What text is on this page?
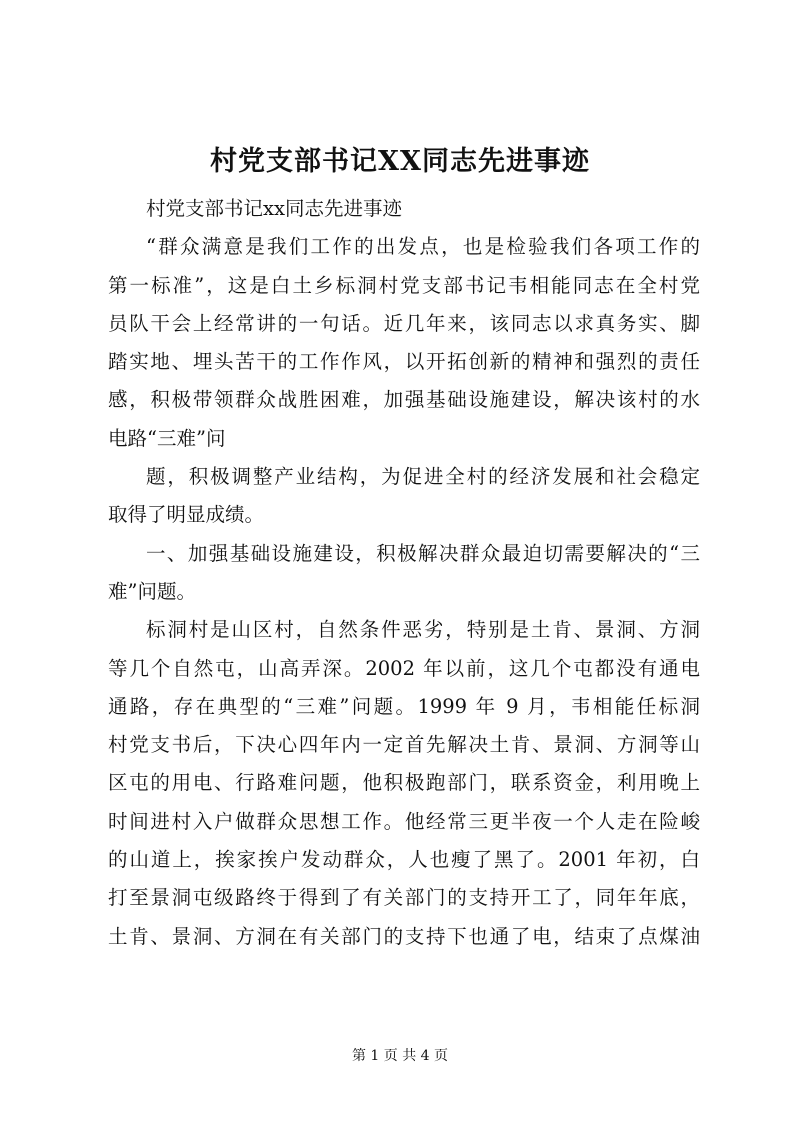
村党支部书记XX同志先进事迹
村党支部书记xx同志先进事迹
“群众满意是我们工作的出发点，也是检验我们各项工作的
第一标准”，这是白土乡标洞村党支部书记韦相能同志在全村党
员队干会上经常讲的一句话。近几年来，该同志以求真务实、脚
踏实地、埋头苦干的工作作风，以开拓创新的精神和强烈的责任
感，积极带领群众战胜困难，加强基础设施建设，解决该村的水
电路“三难”问
题，积极调整产业结构，为促进全村的经济发展和社会稳定
取得了明显成绩。
一、加强基础设施建设，积极解决群众最迫切需要解决的“三
难”问题。
标洞村是山区村，自然条件恶劣，特别是土肯、景洞、方洞
等几个自然屯，山高弄深。2002 年以前，这几个屯都没有通电
通路，存在典型的“三难”问题。1999 年 9 月，韦相能任标洞
村党支书后，下决心四年内一定首先解决土肯、景洞、方洞等山
区屯的用电、行路难问题，他积极跑部门，联系资金，利用晚上
时间进村入户做群众思想工作。他经常三更半夜一个人走在险峻
的山道上，挨家挨户发动群众，人也瘦了黑了。2001 年初，白
打至景洞屯级路终于得到了有关部门的支持开工了，同年年底，
土肯、景洞、方洞在有关部门的支持下也通了电，结束了点煤油
第 1 页 共 4 页
